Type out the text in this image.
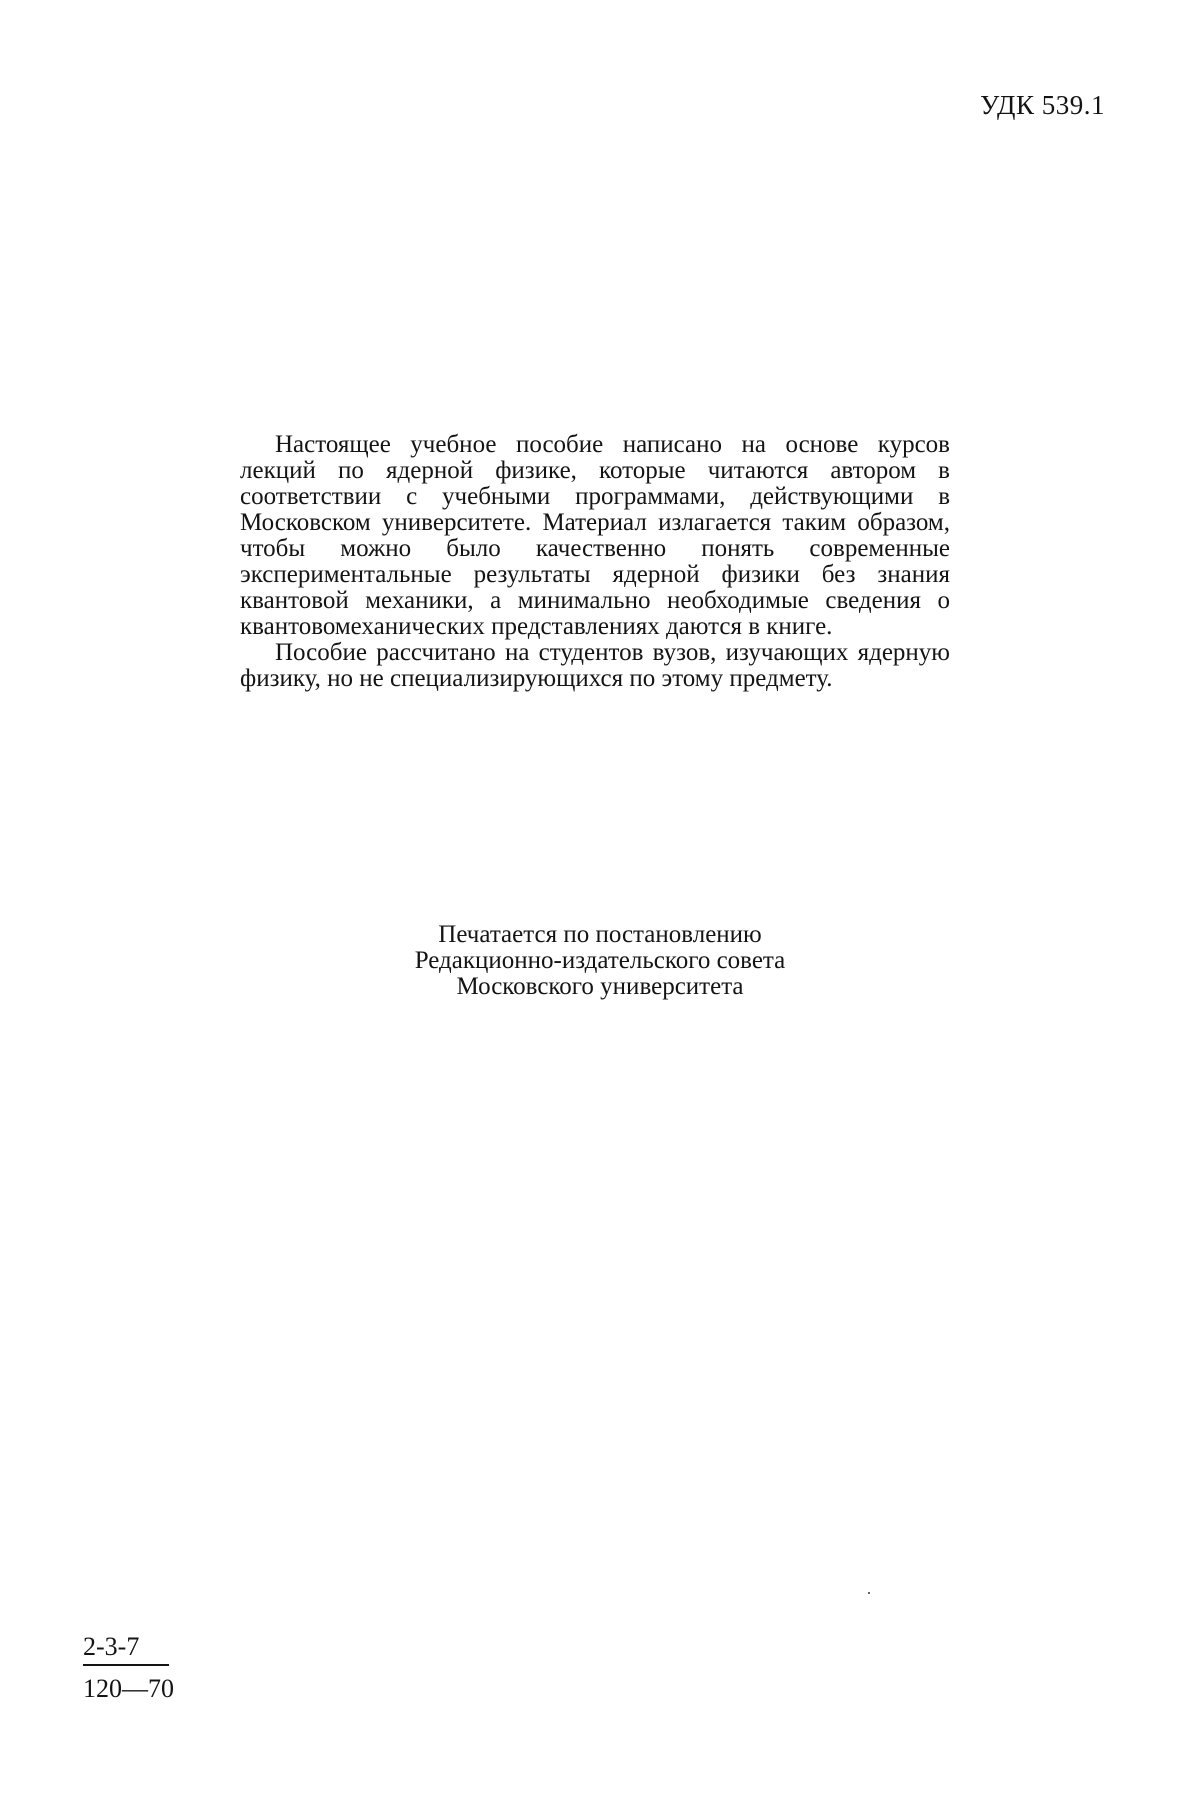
УДК 539.1

Настоящее учебное пособие написано на основе курсов лекций по ядерной физике, которые читаются автором в соответствии с учебными программами, действующими в Московском университете. Материал излагается таким образом, чтобы можно было качественно понять современные экспериментальные результаты ядерной физики без знания квантовой механики, а минимально необходимые сведения о квантовомеханических представлениях даются в книге.

Пособие рассчитано на студентов вузов, изучающих ядерную физику, но не специализирующихся по этому предмету.

Печатается по постановлению
Редакционно-издательского совета
Московского университета
2-3-7
120—70
